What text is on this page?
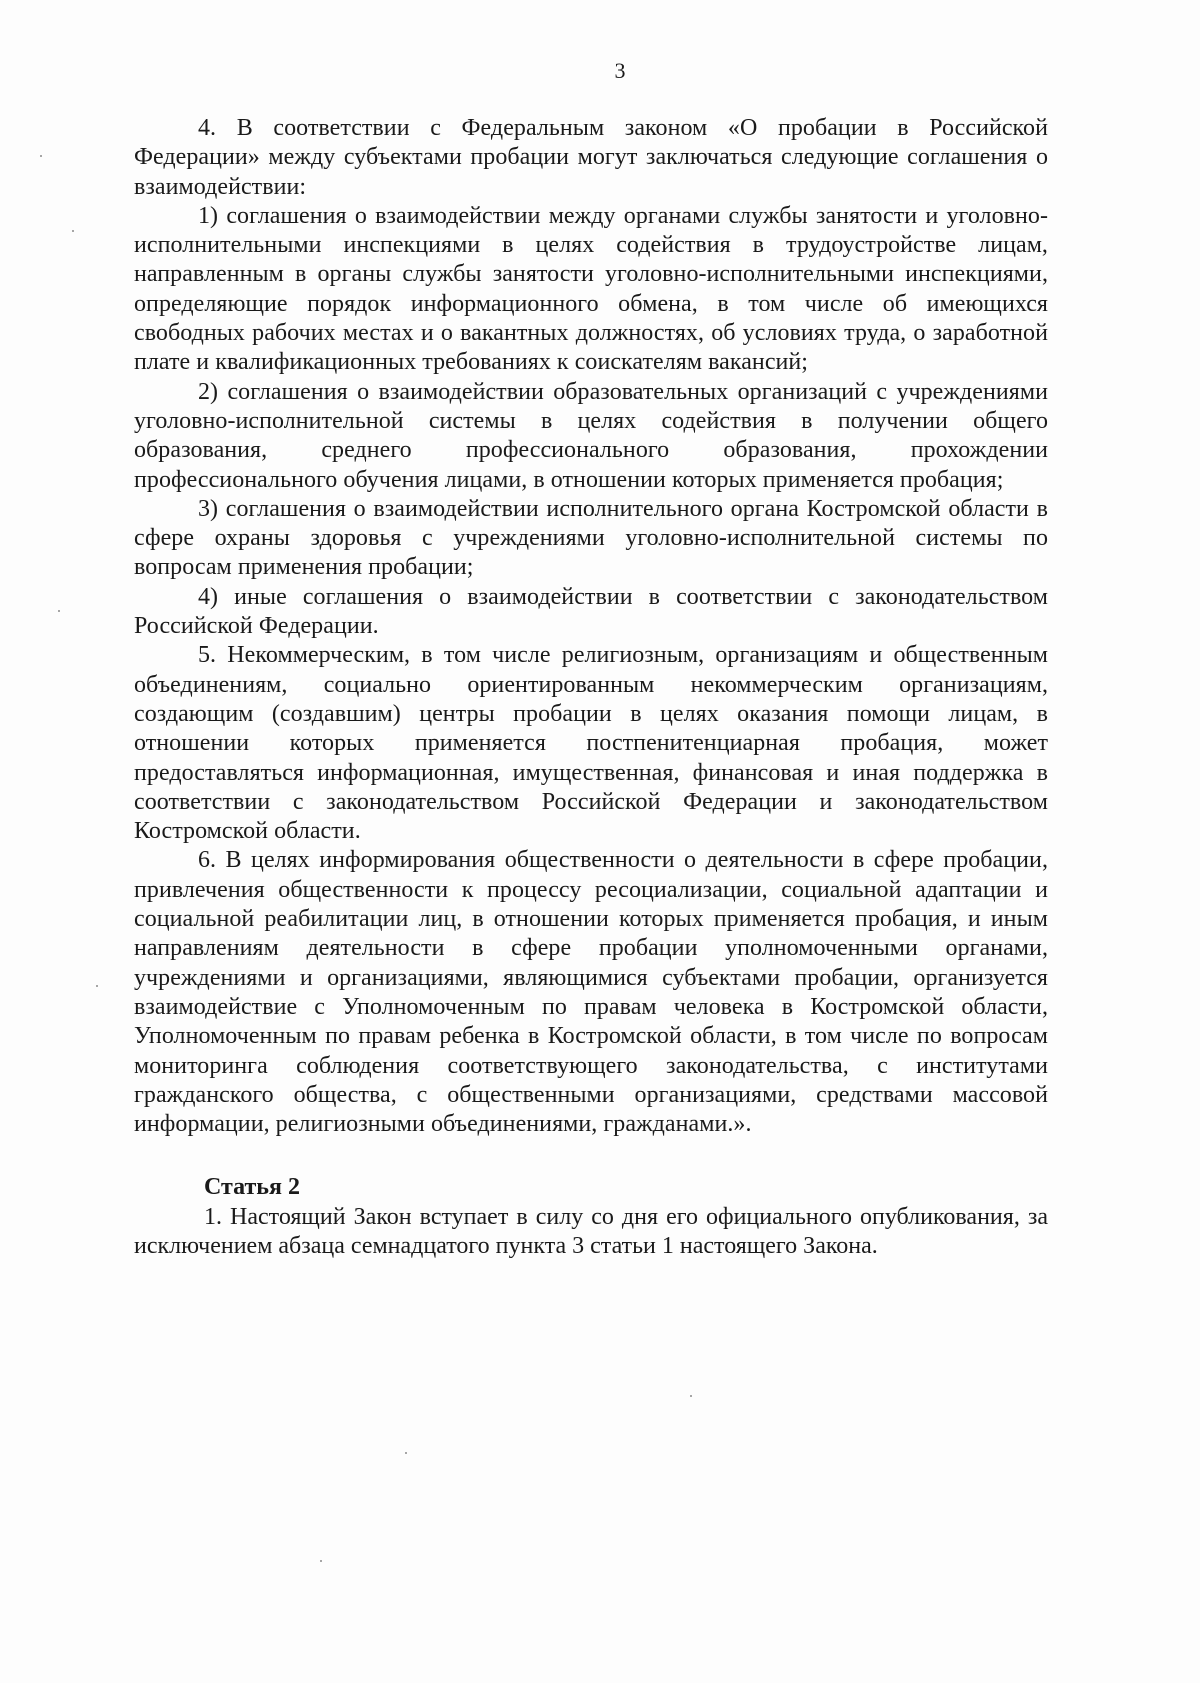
3

4. В соответствии с Федеральным законом «О пробации в Российской Федерации» между субъектами пробации могут заключаться следующие соглашения о взаимодействии:

1) соглашения о взаимодействии между органами службы занятости и уголовно-исполнительными инспекциями в целях содействия в трудоустройстве лицам, направленным в органы службы занятости уголовно-исполнительными инспекциями, определяющие порядок информационного обмена, в том числе об имеющихся свободных рабочих местах и о вакантных должностях, об условиях труда, о заработной плате и квалификационных требованиях к соискателям вакансий;

2) соглашения о взаимодействии образовательных организаций с учреждениями уголовно-исполнительной системы в целях содействия в получении общего образования, среднего профессионального образования, прохождении профессионального обучения лицами, в отношении которых применяется пробация;

3) соглашения о взаимодействии исполнительного органа Костромской области в сфере охраны здоровья с учреждениями уголовно-исполнительной системы по вопросам применения пробации;

4) иные соглашения о взаимодействии в соответствии с законодательством Российской Федерации.

5. Некоммерческим, в том числе религиозным, организациям и общественным объединениям, социально ориентированным некоммерческим организациям, создающим (создавшим) центры пробации в целях оказания помощи лицам, в отношении которых применяется постпенитенциарная пробация, может предоставляться информационная, имущественная, финансовая и иная поддержка в соответствии с законодательством Российской Федерации и законодательством Костромской области.

6. В целях информирования общественности о деятельности в сфере пробации, привлечения общественности к процессу ресоциализации, социальной адаптации и социальной реабилитации лиц, в отношении которых применяется пробация, и иным направлениям деятельности в сфере пробации уполномоченными органами, учреждениями и организациями, являющимися субъектами пробации, организуется взаимодействие с Уполномоченным по правам человека в Костромской области, Уполномоченным по правам ребенка в Костромской области, в том числе по вопросам мониторинга соблюдения соответствующего законодательства, с институтами гражданского общества, с общественными организациями, средствами массовой информации, религиозными объединениями, гражданами.».

Статья 2

1. Настоящий Закон вступает в силу со дня его официального опубликования, за исключением абзаца семнадцатого пункта 3 статьи 1 настоящего Закона.
